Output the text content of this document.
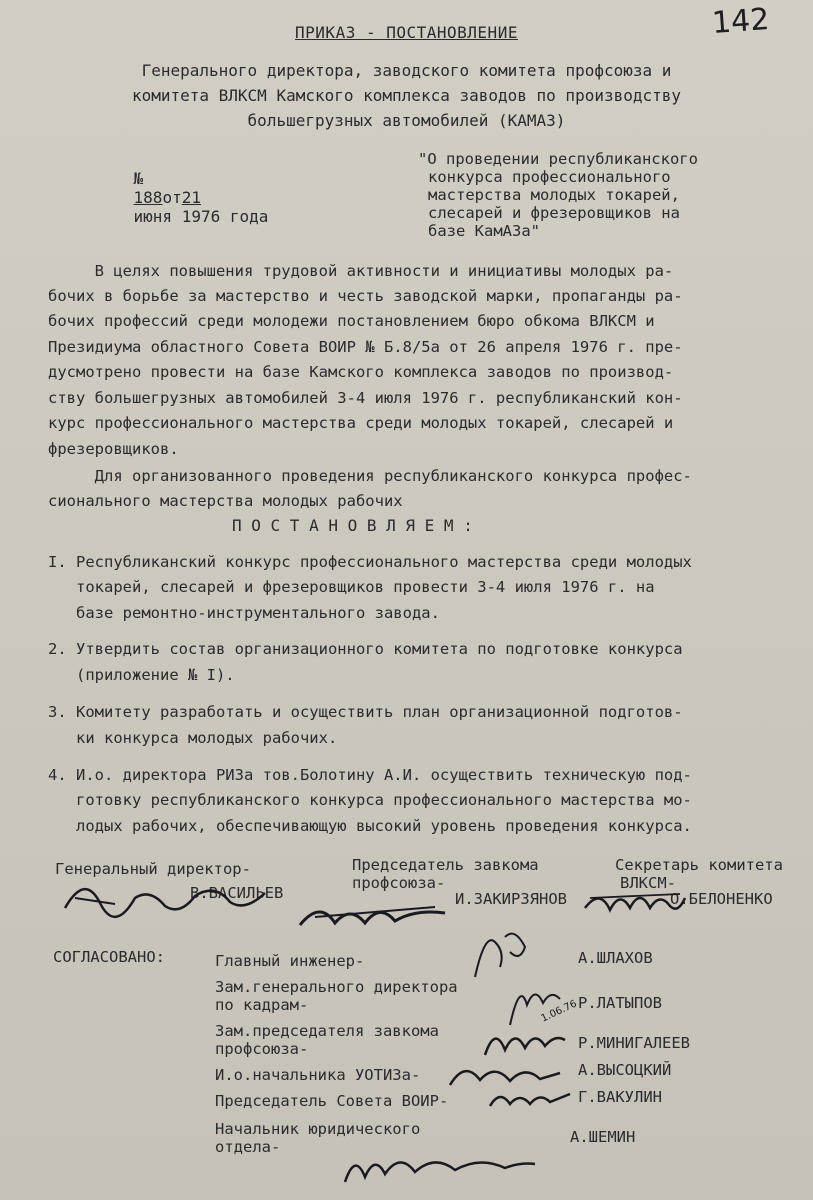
142
ПРИКАЗ - ПОСТАНОВЛЕНИЕ
Генерального директора, заводского комитета профсоюза и
комитета ВЛКСМ Камского комплекса заводов по производству
большегрузных автомобилей (КАМАЗ)

№
188от21
июня 1976 года

"О проведении республиканского
конкурса профессионального
мастерства молодых токарей,
слесарей и фрезеровщиков на
базе КамАЗа"
В целях повышения трудовой активности и инициативы молодых ра-
бочих в борьбе за мастерство и честь заводской марки, пропаганды ра-
бочих профессий среди молодежи постановлением бюро обкома ВЛКСМ и
Президиума областного Совета ВОИР № Б.8/5а от 26 апреля 1976 г. пре-
дусмотрено провести на базе Камского комплекса заводов по производ-
ству большегрузных автомобилей 3-4 июля 1976 г. республиканский кон-
курс профессионального мастерства среди молодых токарей, слесарей и
фрезеровщиков.
Для организованного проведения республиканского конкурса профес-
сионального мастерства молодых рабочих
П О С Т А Н О В Л Я Е М :
I. Республиканский конкурс профессионального мастерства среди молодых
токарей, слесарей и фрезеровщиков провести 3-4 июля 1976 г. на
базе ремонтно-инструментального завода.
2. Утвердить состав организационного комитета по подготовке конкурса
(приложение № I).
3. Комитету разработать и осуществить план организационной подготов-
ки конкурса молодых рабочих.
4. И.о. директора РИЗа тов.Болотину А.И. осуществить техническую под-
готовку республиканского конкурса профессионального мастерства мо-
лодых рабочих, обеспечивающую высокий уровень проведения конкурса.
Генеральный директор-
В.ВАСИЛЬЕВ
Председатель завкома
профсоюза-
И.ЗАКИРЗЯНОВ
Секретарь комитета
ВЛКСМ-
О.БЕЛОНЕНКО
СОГЛАСОВАНО:	Главный инженер-	А.ШЛАХОВ
Зам.генерального директора
по кадрам-	Р.ЛАТЫПОВ
Зам.председателя завкома
профсоюза-	Р.МИНИГАЛЕЕВ
И.о.начальника УОТИЗа-	А.ВЫСОЦКИЙ
Председатель Совета ВОИР-	Г.ВАКУЛИН
Начальник юридического
отдела-
А.ШЕМИН
1.06.76
